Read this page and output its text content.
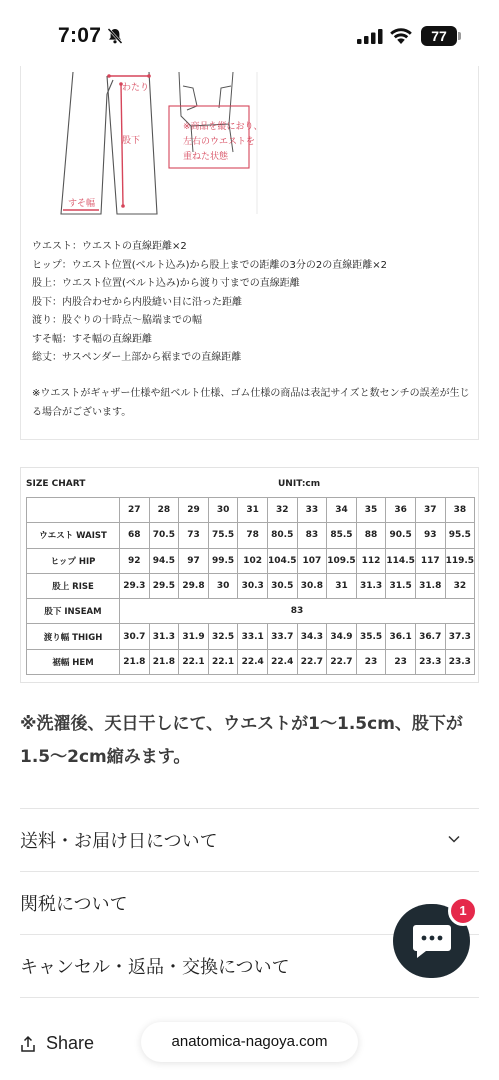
7:07	77
わたり
股下
すそ幅
※商品を縦におり、
左右のウエストを
重ねた状態
ウエスト：ウエストの直線距離×2
ヒップ：ウエスト位置(ベルト込み)から股上までの距離の3分の2の直線距離×2
股上：ウエスト位置(ベルト込み)から渡り寸までの直線距離
股下：内股合わせから内股縫い目に沿った距離
渡り：股ぐりの十時点～脇端までの幅
すそ幅：すそ幅の直線距離
総丈：サスペンダー上部から裾までの直線距離
※ウエストがギャザー仕様や紐ベルト仕様、ゴム仕様の商品は表記サイズと数センチの誤差が生じる場合がございます。
SIZE CHART	UNIT:cm
	27	28	29	30	31	32	33	34	35	36	37	38
ウエスト WAIST	68	70.5	73	75.5	78	80.5	83	85.5	88	90.5	93	95.5
ヒップ HIP	92	94.5	97	99.5	102	104.5	107	109.5	112	114.5	117	119.5
股上 RISE	29.3	29.5	29.8	30	30.3	30.5	30.8	31	31.3	31.5	31.8	32
股下 INSEAM	83											
渡り幅 THIGH	30.7	31.3	31.9	32.5	33.1	33.7	34.3	34.9	35.5	36.1	36.7	37.3
裾幅 HEM	21.8	21.8	22.1	22.1	22.4	22.4	22.7	22.7	23	23	23.3	23.3
※洗濯後、天日干しにて、ウエストが1～1.5cm、股下が1.5～2cm縮みます。
送料・お届け日について
関税について
キャンセル・返品・交換について
Share	anatomica-nagoya.com
1
